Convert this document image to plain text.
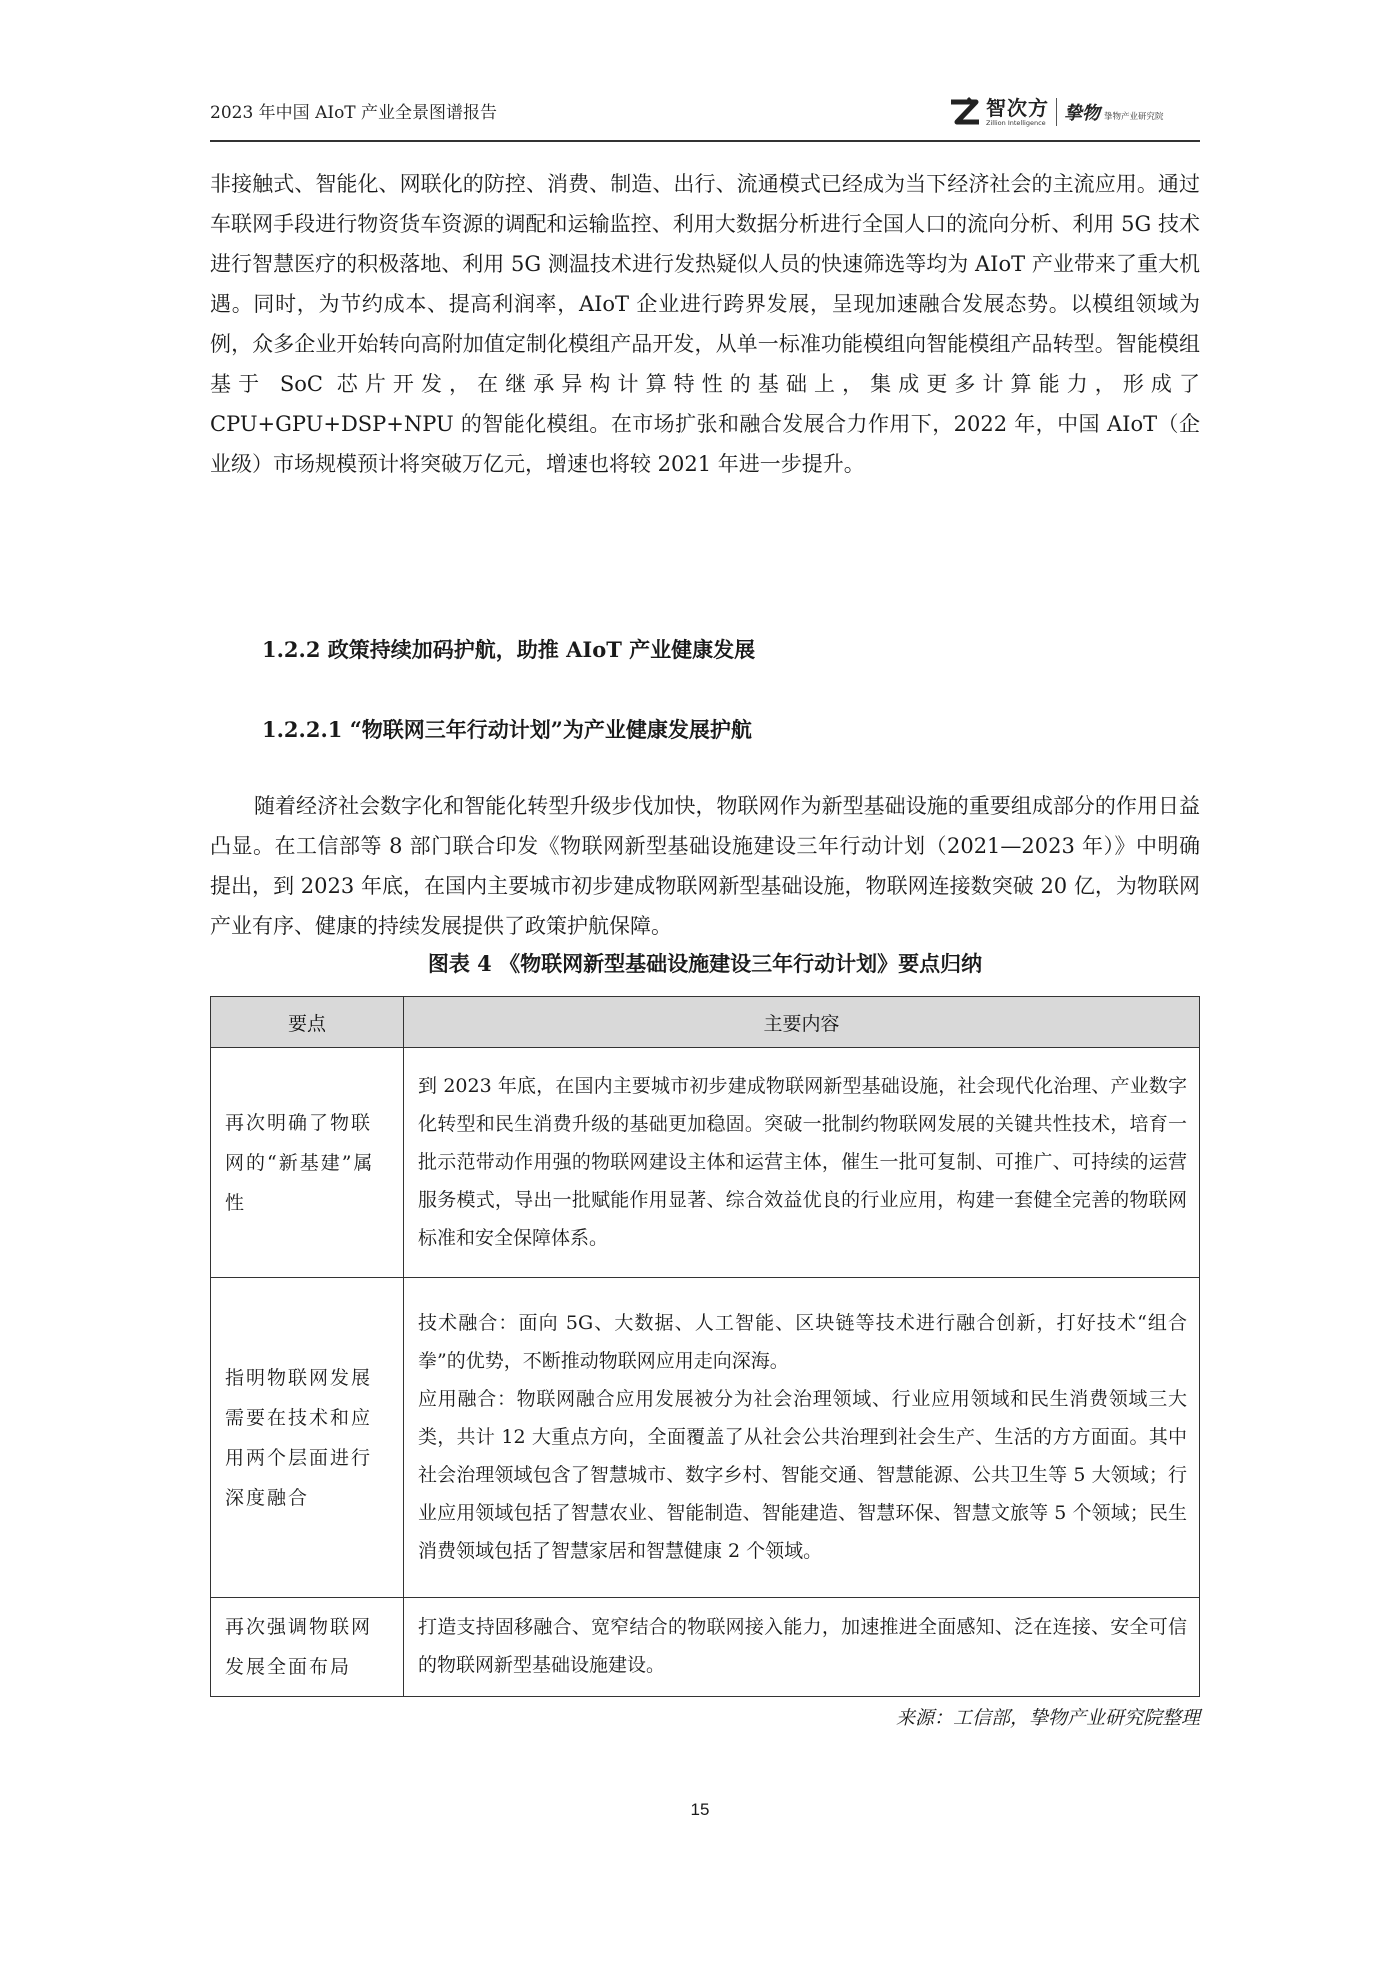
2023 年中国 AIoT 产业全景图谱报告	智次方
Zillion Intelligence 挚物 挚物产业研究院

非接触式、智能化、网联化的防控、消费、制造、出行、流通模式已经成为当下经济社会的主流应用。通过车联网手段进行物资货车资源的调配和运输监控、利用大数据分析进行全国人口的流向分析、利用 5G 技术进行智慧医疗的积极落地、利用 5G 测温技术进行发热疑似人员的快速筛选等均为 AIoT 产业带来了重大机遇。同时，为节约成本、提高利润率，AIoT 企业进行跨界发展，呈现加速融合发展态势。以模组领域为例，众多企业开始转向高附加值定制化模组产品开发，从单一标准功能模组向智能模组产品转型。智能模组基于 SoC 芯片开发，在继承异构计算特性的基础上，集成更多计算能力，形成了 CPU+GPU+DSP+NPU 的智能化模组。在市场扩张和融合发展合力作用下，2022 年，中国 AIoT（企业级）市场规模预计将突破万亿元，增速也将较 2021 年进一步提升。

1.2.2 政策持续加码护航，助推 AIoT 产业健康发展

1.2.2.1 “物联网三年行动计划”为产业健康发展护航

随着经济社会数字化和智能化转型升级步伐加快，物联网作为新型基础设施的重要组成部分的作用日益凸显。在工信部等 8 部门联合印发《物联网新型基础设施建设三年行动计划（2021—2023 年）》中明确提出，到 2023 年底，在国内主要城市初步建成物联网新型基础设施，物联网连接数突破 20 亿，为物联网产业有序、健康的持续发展提供了政策护航保障。

图表 4 《物联网新型基础设施建设三年行动计划》要点归纳

要点	主要内容
再次明确了物联网的“新基建”属性	到 2023 年底，在国内主要城市初步建成物联网新型基础设施，社会现代化治理、产业数字化转型和民生消费升级的基础更加稳固。突破一批制约物联网发展的关键共性技术，培育一批示范带动作用强的物联网建设主体和运营主体，催生一批可复制、可推广、可持续的运营服务模式，导出一批赋能作用显著、综合效益优良的行业应用，构建一套健全完善的物联网标准和安全保障体系。
指明物联网发展需要在技术和应用两个层面进行深度融合	技术融合：面向 5G、大数据、人工智能、区块链等技术进行融合创新，打好技术“组合拳”的优势，不断推动物联网应用走向深海。
应用融合：物联网融合应用发展被分为社会治理领域、行业应用领域和民生消费领域三大类，共计 12 大重点方向，全面覆盖了从社会公共治理到社会生产、生活的方方面面。其中社会治理领域包含了智慧城市、数字乡村、智能交通、智慧能源、公共卫生等 5 大领域；行业应用领域包括了智慧农业、智能制造、智能建造、智慧环保、智慧文旅等 5 个领域；民生消费领域包括了智慧家居和智慧健康 2 个领域。

再次强调物联网发展全面布局	打造支持固移融合、宽窄结合的物联网接入能力，加速推进全面感知、泛在连接、安全可信的物联网新型基础设施建设。

来源：工信部，挚物产业研究院整理

15
